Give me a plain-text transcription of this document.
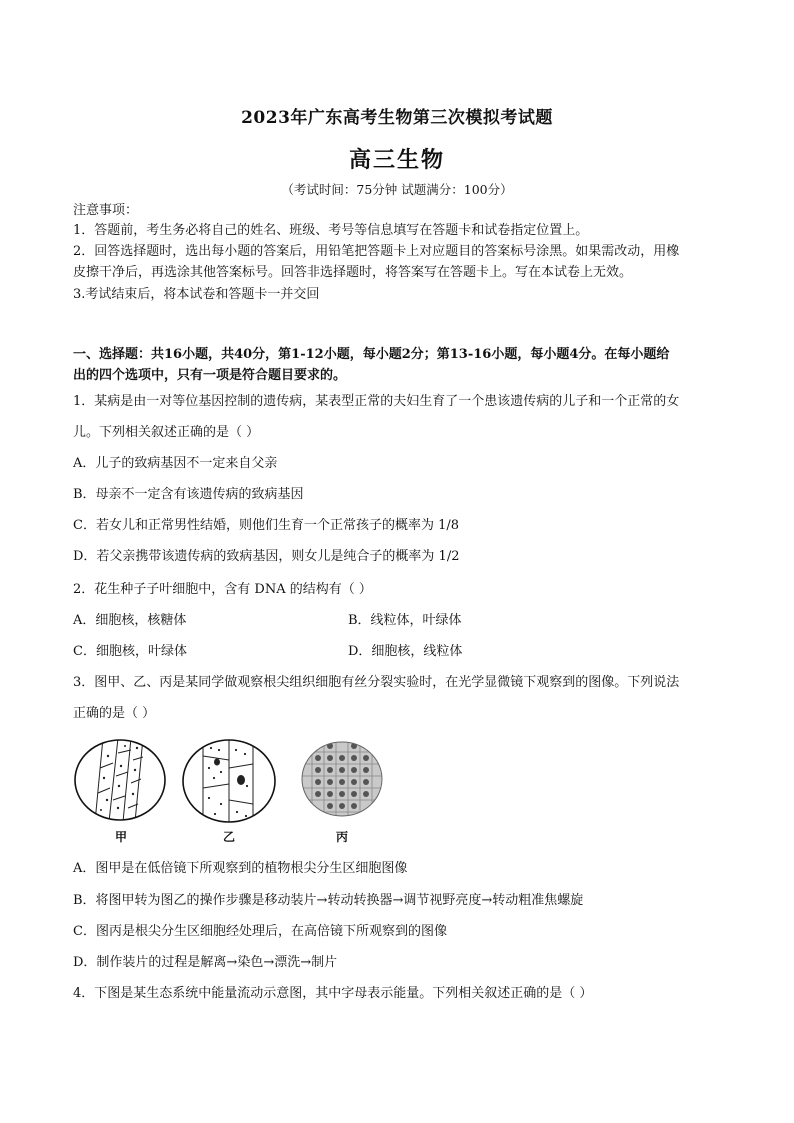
2023年广东高考生物第三次模拟考试题
高三生物
（考试时间：75分钟 试题满分：100分）
注意事项：
1．答题前，考生务必将自己的姓名、班级、考号等信息填写在答题卡和试卷指定位置上。
2．回答选择题时，选出每小题的答案后，用铅笔把答题卡上对应题目的答案标号涂黑。如果需改动，用橡
皮擦干净后，再选涂其他答案标号。回答非选择题时，将答案写在答题卡上。写在本试卷上无效。
3.考试结束后，将本试卷和答题卡一并交回
一、选择题：共16小题，共40分，第1-12小题，每小题2分；第13-16小题，每小题4分。在每小题给
出的四个选项中，只有一项是符合题目要求的。
1．某病是由一对等位基因控制的遗传病，某表型正常的夫妇生育了一个患该遗传病的儿子和一个正常的女
儿。下列相关叙述正确的是（ ）
A．儿子的致病基因不一定来自父亲
B．母亲不一定含有该遗传病的致病基因
C．若女儿和正常男性结婚，则他们生育一个正常孩子的概率为 1/8
D．若父亲携带该遗传病的致病基因，则女儿是纯合子的概率为 1/2
2．花生种子子叶细胞中，含有 DNA 的结构有（ ）
A．细胞核，核糖体	B．线粒体，叶绿体
C．细胞核，叶绿体	D．细胞核，线粒体
3．图甲、乙、丙是某同学做观察根尖组织细胞有丝分裂实验时，在光学显微镜下观察到的图像。下列说法
正确的是（ ）
甲	乙	丙
A．图甲是在低倍镜下所观察到的植物根尖分生区细胞图像
B．将图甲转为图乙的操作步骤是移动装片→转动转换器→调节视野亮度→转动粗准焦螺旋
C．图丙是根尖分生区细胞经处理后，在高倍镜下所观察到的图像
D．制作装片的过程是解离→染色→漂洗→制片
4．下图是某生态系统中能量流动示意图，其中字母表示能量。下列相关叙述正确的是（ ）
